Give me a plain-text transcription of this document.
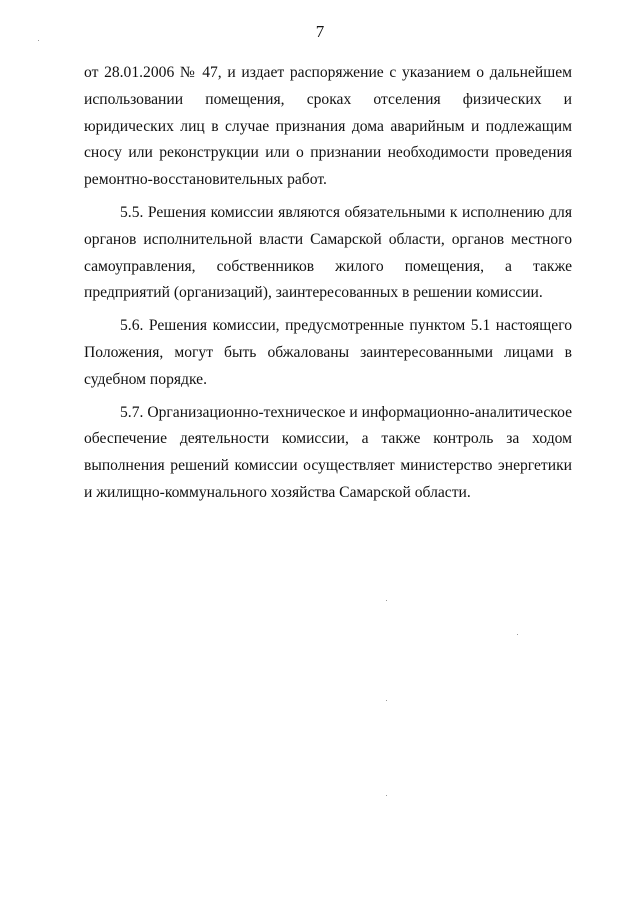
7

от 28.01.2006 № 47, и издает распоряжение с указанием о дальнейшем использовании помещения, сроках отселения физических и юридических лиц в случае признания дома аварийным и подлежащим сносу или реконструкции или о признании необходимости проведения ремонтно-восстановительных работ.

5.5. Решения комиссии являются обязательными к исполнению для органов исполнительной власти Самарской области, органов местного самоуправления, собственников жилого помещения, а также предприятий (организаций), заинтересованных в решении комиссии.

5.6. Решения комиссии, предусмотренные пунктом 5.1 настоящего Положения, могут быть обжалованы заинтересованными лицами в судебном порядке.

5.7. Организационно-техническое и информационно-аналитическое обеспечение деятельности комиссии, а также контроль за ходом выполнения решений комиссии осуществляет министерство энергетики и жилищно-коммунального хозяйства Самарской области.
